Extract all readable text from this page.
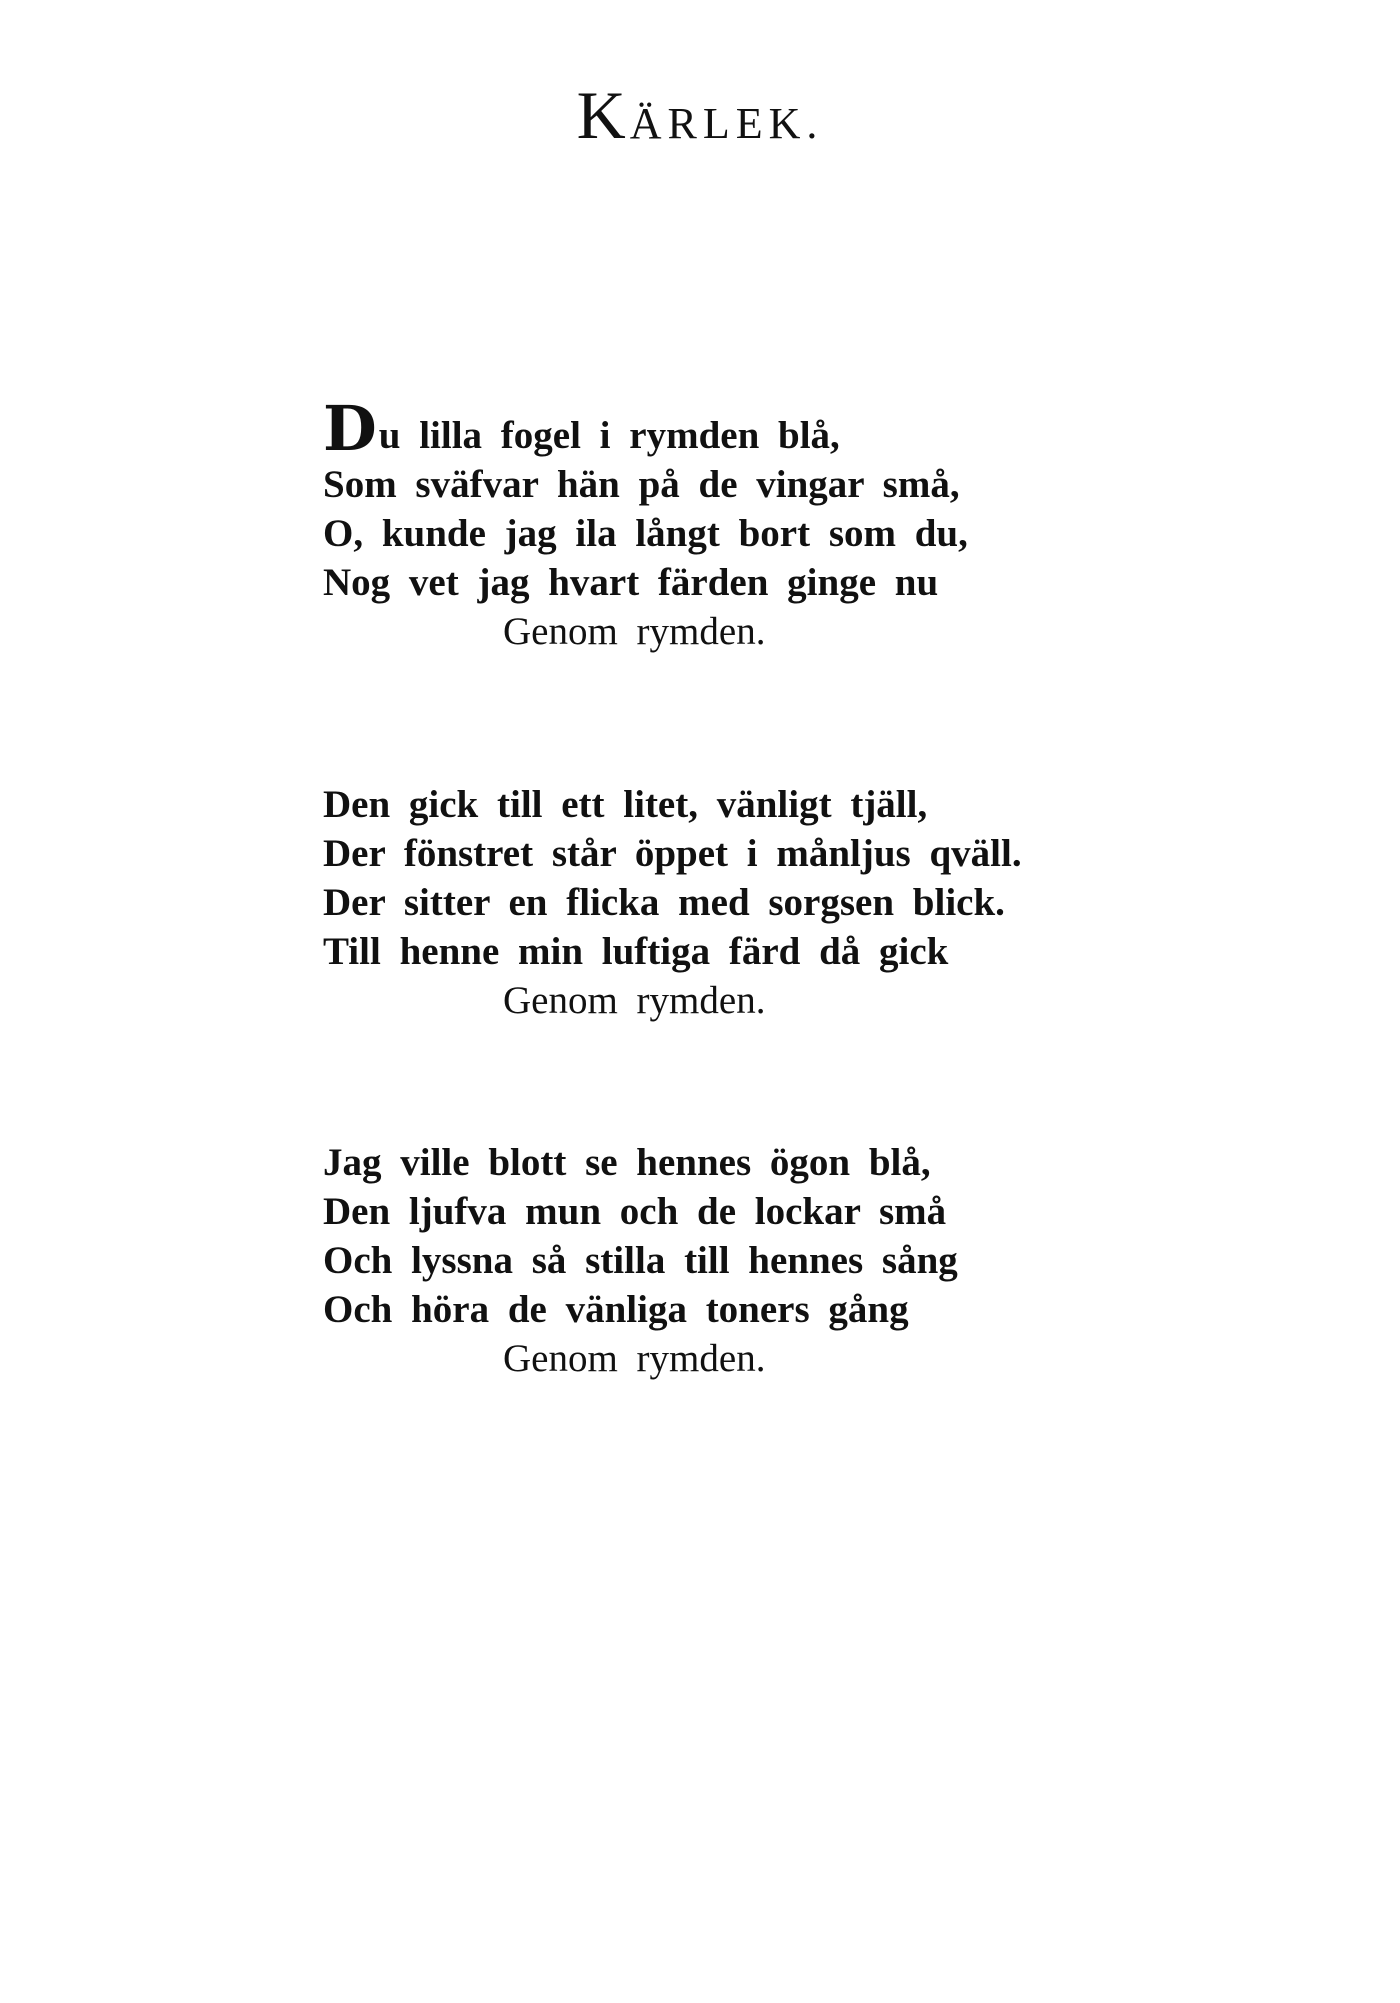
KÄRLEK.
Du lilla fogel i rymden blå,
Som sväfvar hän på de vingar små,
O, kunde jag ila långt bort som du,
Nog vet jag hvart färden ginge nu
Genom rymden.
Den gick till ett litet, vänligt tjäll,
Der fönstret står öppet i månljus qväll.
Der sitter en flicka med sorgsen blick.
Till henne min luftiga färd då gick
Genom rymden.
Jag ville blott se hennes ögon blå,
Den ljufva mun och de lockar små
Och lyssna så stilla till hennes sång
Och höra de vänliga toners gång
Genom rymden.
